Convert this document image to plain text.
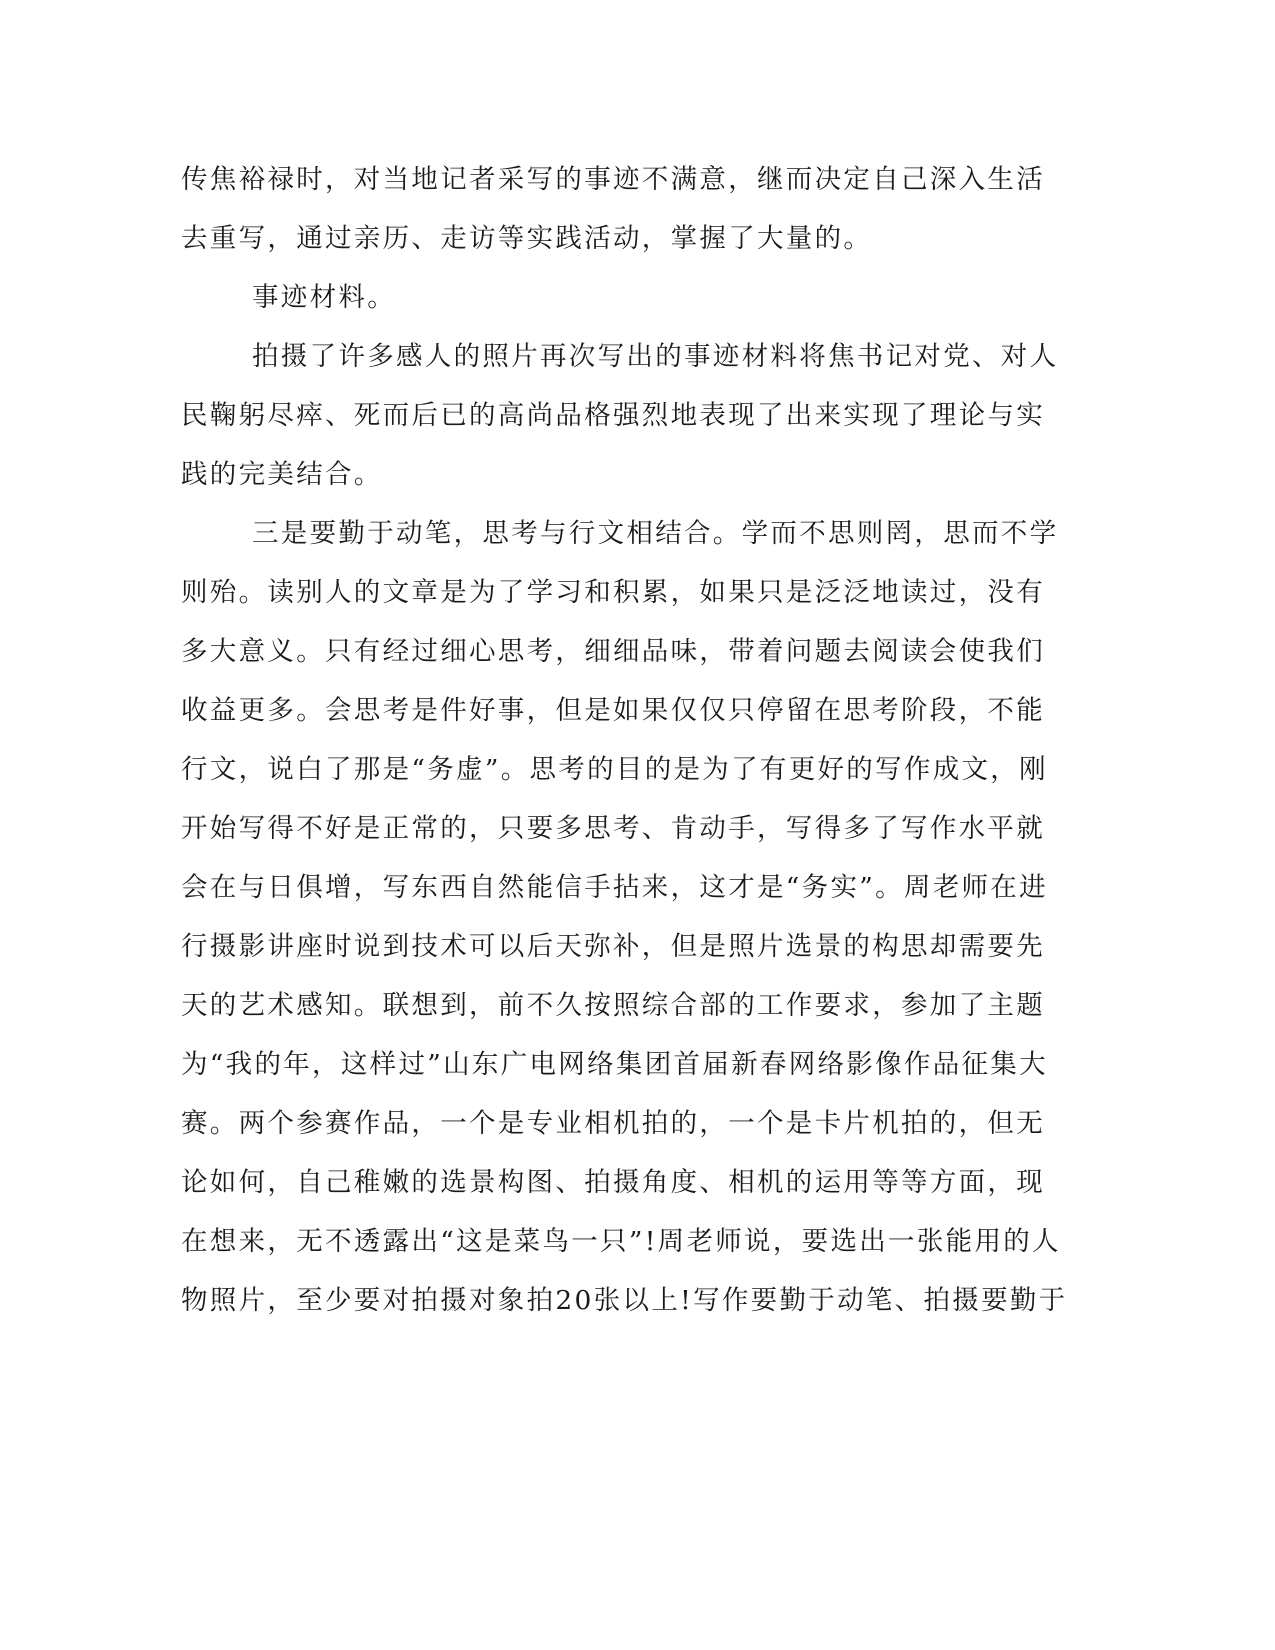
传焦裕禄时，对当地记者采写的事迹不满意，继而决定自己深入生活

去重写，通过亲历、走访等实践活动，掌握了大量的。

事迹材料。

拍摄了许多感人的照片再次写出的事迹材料将焦书记对党、对人

民鞠躬尽瘁、死而后已的高尚品格强烈地表现了出来实现了理论与实

践的完美结合。

三是要勤于动笔，思考与行文相结合。学而不思则罔，思而不学

则殆。读别人的文章是为了学习和积累，如果只是泛泛地读过，没有

多大意义。只有经过细心思考，细细品味，带着问题去阅读会使我们

收益更多。会思考是件好事，但是如果仅仅只停留在思考阶段，不能

行文，说白了那是“务虚”。思考的目的是为了有更好的写作成文，刚

开始写得不好是正常的，只要多思考、肯动手，写得多了写作水平就

会在与日俱增，写东西自然能信手拈来，这才是“务实”。周老师在进

行摄影讲座时说到技术可以后天弥补，但是照片选景的构思却需要先

天的艺术感知。联想到，前不久按照综合部的工作要求，参加了主题

为“我的年，这样过”山东广电网络集团首届新春网络影像作品征集大

赛。两个参赛作品，一个是专业相机拍的，一个是卡片机拍的，但无

论如何，自己稚嫩的选景构图、拍摄角度、相机的运用等等方面，现

在想来，无不透露出“这是菜鸟一只”!周老师说，要选出一张能用的人

物照片，至少要对拍摄对象拍20张以上!写作要勤于动笔、拍摄要勤于
